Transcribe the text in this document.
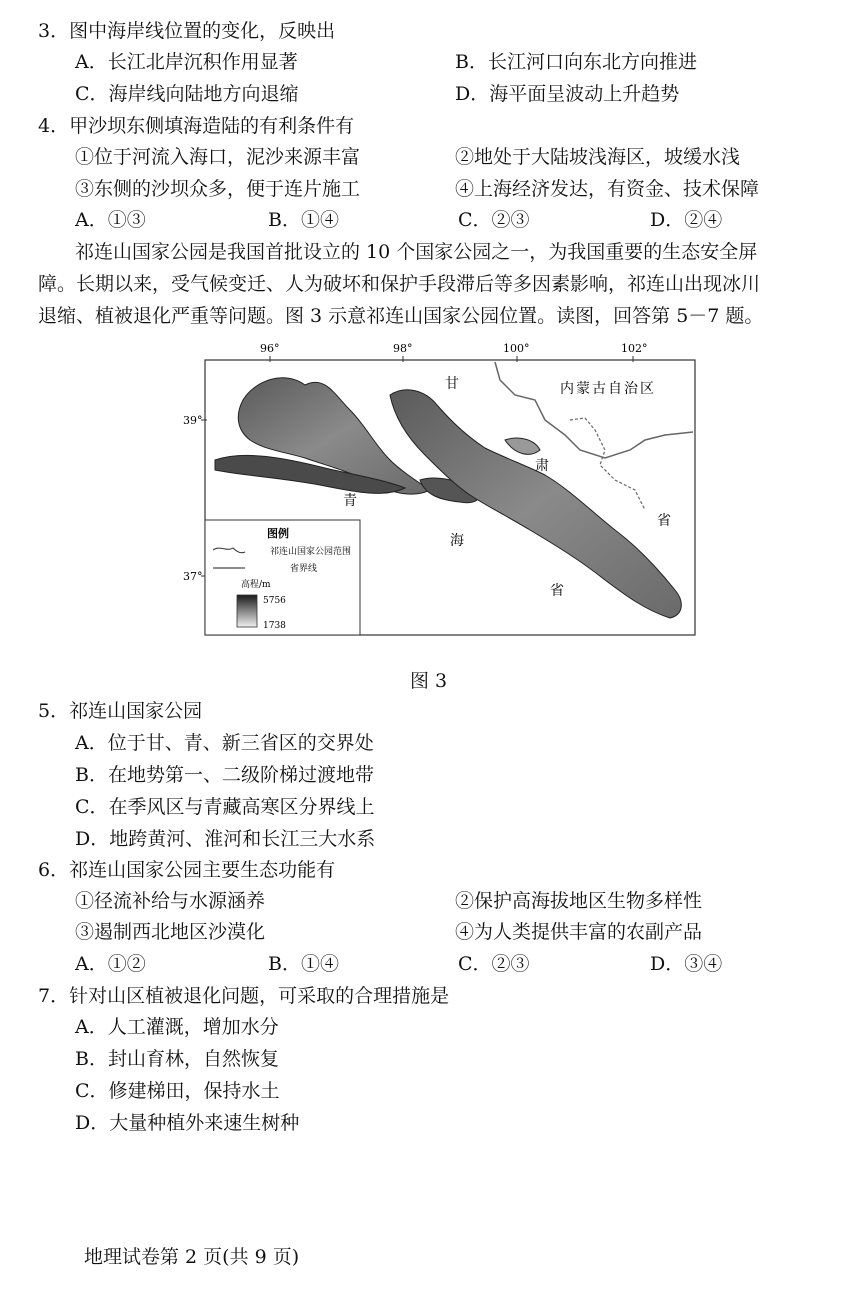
3．图中海岸线位置的变化，反映出
A．长江北岸沉积作用显著	B．长江河口向东北方向推进
C．海岸线向陆地方向退缩	D．海平面呈波动上升趋势
4．甲沙坝东侧填海造陆的有利条件有
①位于河流入海口，泥沙来源丰富	②地处于大陆坡浅海区，坡缓水浅
③东侧的沙坝众多，便于连片施工	④上海经济发达，有资金、技术保障
A．①③	B．①④	C．②③	D．②④
祁连山国家公园是我国首批设立的 10 个国家公园之一，为我国重要的生态安全屏
障。长期以来，受气候变迁、人为破坏和保护手段滞后等多因素影响，祁连山出现冰川
退缩、植被退化严重等问题。图 3 示意祁连山国家公园位置。读图，回答第 5－7 题。
96°	98°	100°	102°
39°
37°
甘
肃
省
青
海
省
内蒙古自治区
图例
祁连山国家公园范围
省界线
高程/m
5756
1738
图 3
5．祁连山国家公园
A．位于甘、青、新三省区的交界处
B．在地势第一、二级阶梯过渡地带
C．在季风区与青藏高寒区分界线上
D．地跨黄河、淮河和长江三大水系
6．祁连山国家公园主要生态功能有
①径流补给与水源涵养	②保护高海拔地区生物多样性
③遏制西北地区沙漠化	④为人类提供丰富的农副产品
A．①②	B．①④	C．②③	D．③④
7．针对山区植被退化问题，可采取的合理措施是
A．人工灌溉，增加水分
B．封山育林，自然恢复
C．修建梯田，保持水土
D．大量种植外来速生树种
地理试卷第 2 页(共 9 页)
